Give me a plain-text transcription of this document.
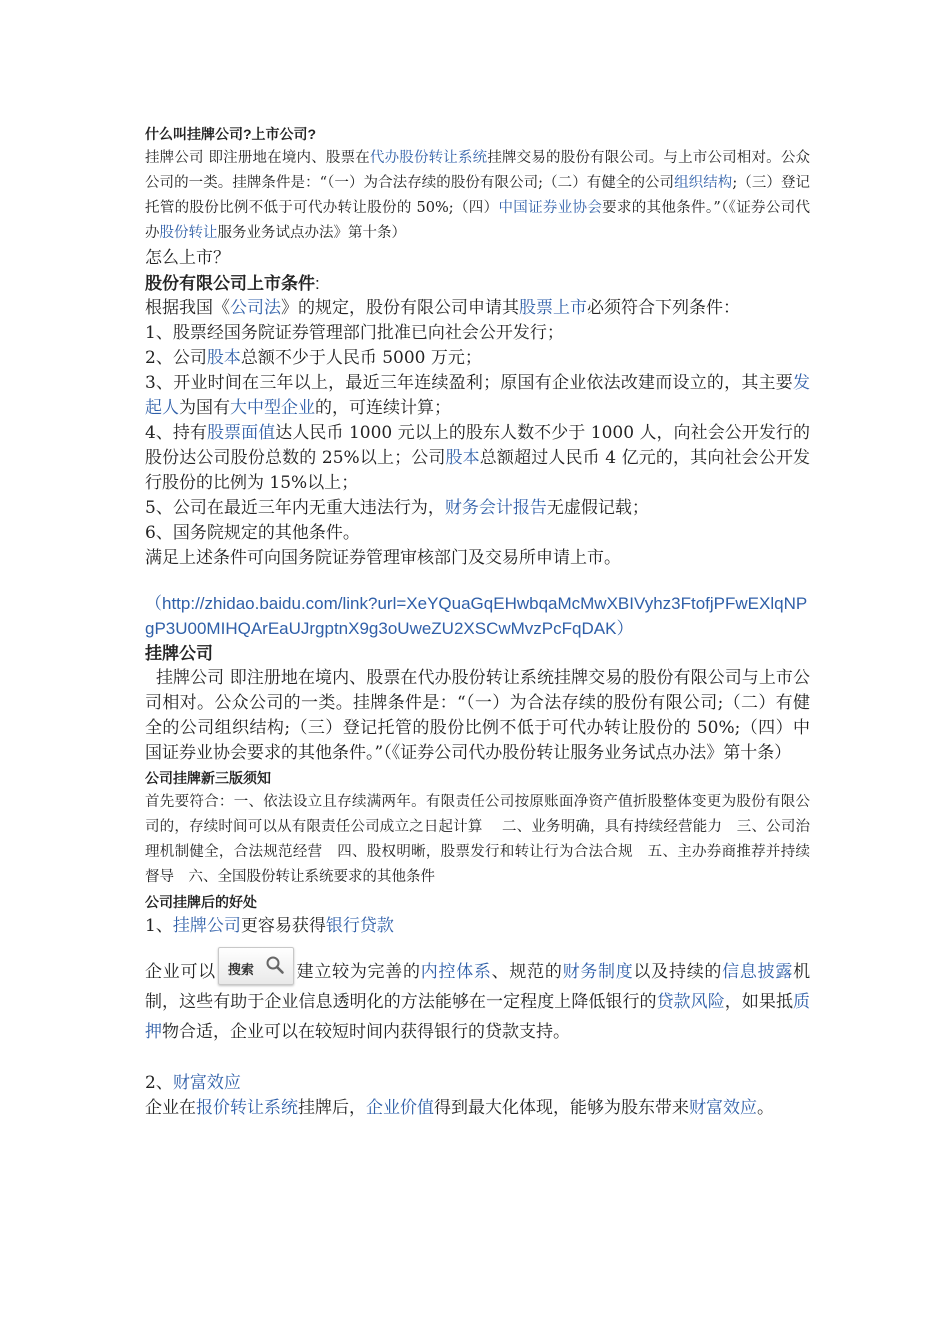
什么叫挂牌公司?上市公司?

挂牌公司 即注册地在境内、股票在代办股份转让系统挂牌交易的股份有限公司。与上市公司相对。公众公司的一类。挂牌条件是：“（一）为合法存续的股份有限公司;（二）有健全的公司组织结构;（三）登记托管的股份比例不低于可代办转让股份的 50%;（四）中国证券业协会要求的其他条件。”（《证券公司代办股份转让服务业务试点办法》第十条）

怎么上市？

股份有限公司上市条件:

根据我国《公司法》的规定，股份有限公司申请其股票上市必须符合下列条件：

1、股票经国务院证券管理部门批准已向社会公开发行；

2、公司股本总额不少于人民币 5000 万元；

3、开业时间在三年以上，最近三年连续盈利；原国有企业依法改建而设立的，其主要发起人为国有大中型企业的，可连续计算；

4、持有股票面值达人民币 1000 元以上的股东人数不少于 1000 人，向社会公开发行的股份达公司股份总数的 25%以上；公司股本总额超过人民币 4 亿元的，其向社会公开发行股份的比例为 15%以上；

5、公司在最近三年内无重大违法行为，财务会计报告无虚假记载；

6、国务院规定的其他条件。

满足上述条件可向国务院证券管理审核部门及交易所申请上市。

（http://zhidao.baidu.com/link?url=XeYQuaGqEHwbqaMcMwXBIVyhz3FtofjPFwEXlqNPgP3U00MIHQArEaUJrgptnX9g3oUweZU2XSCwMvzPcFqDAK）

挂牌公司

挂牌公司 即注册地在境内、股票在代办股份转让系统挂牌交易的股份有限公司与上市公司相对。公众公司的一类。挂牌条件是：“（一）为合法存续的股份有限公司;（二）有健全的公司组织结构;（三）登记托管的股份比例不低于可代办转让股份的 50%;（四）中国证券业协会要求的其他条件。”（《证券公司代办股份转让服务业务试点办法》第十条）

公司挂牌新三版须知

首先要符合：一、依法设立且存续满两年。有限责任公司按原账面净资产值折股整体变更为股份有限公司的，存续时间可以从有限责任公司成立之日起计算　 二、业务明确，具有持续经营能力　三、公司治理机制健全，合法规范经营　四、股权明晰，股票发行和转让行为合法合规　五、主办券商推荐并持续督导　六、全国股份转让系统要求的其他条件

公司挂牌后的好处

1、挂牌公司更容易获得银行贷款

企业可以 搜索 建立较为完善的内控体系、规范的财务制度以及持续的信息披露机制，这些有助于企业信息透明化的方法能够在一定程度上降低银行的贷款风险，如果抵质押物合适，企业可以在较短时间内获得银行的贷款支持。

2、财富效应

企业在报价转让系统挂牌后，企业价值得到最大化体现，能够为股东带来财富效应。
